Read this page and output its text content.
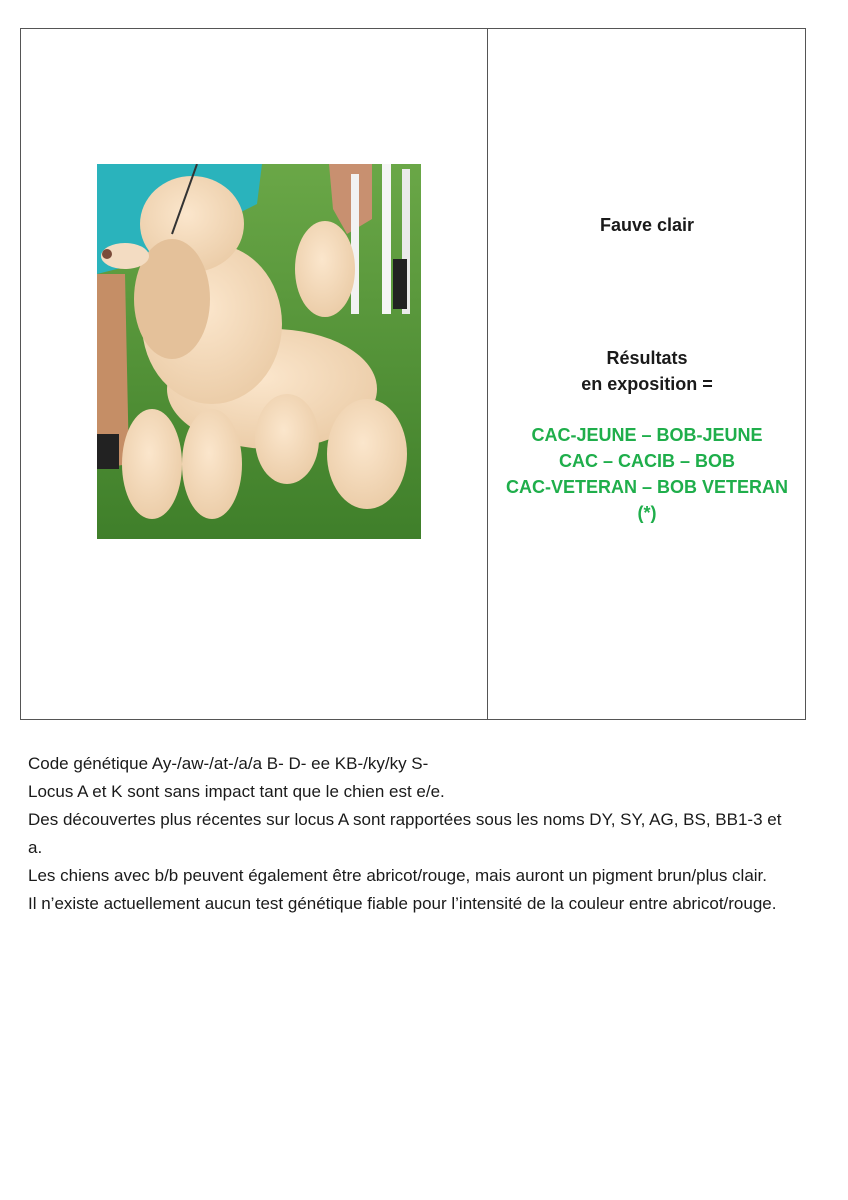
Fauve clair
Résultats
en exposition =
CAC-JEUNE – BOB-JEUNE
CAC – CACIB – BOB
CAC-VETERAN – BOB VETERAN
(*)

Code génétique Ay-/aw-/at-/a/a B- D- ee KB-/ky/ky S-

Locus A et K sont sans impact tant que le chien est e/e.

Des découvertes plus récentes sur locus A sont rapportées sous les noms DY, SY, AG, BS, BB1-3 et a.

Les chiens avec b/b peuvent également être abricot/rouge, mais auront un pigment brun/plus clair.

Il n’existe actuellement aucun test génétique fiable pour l’intensité de la couleur entre abricot/rouge.
